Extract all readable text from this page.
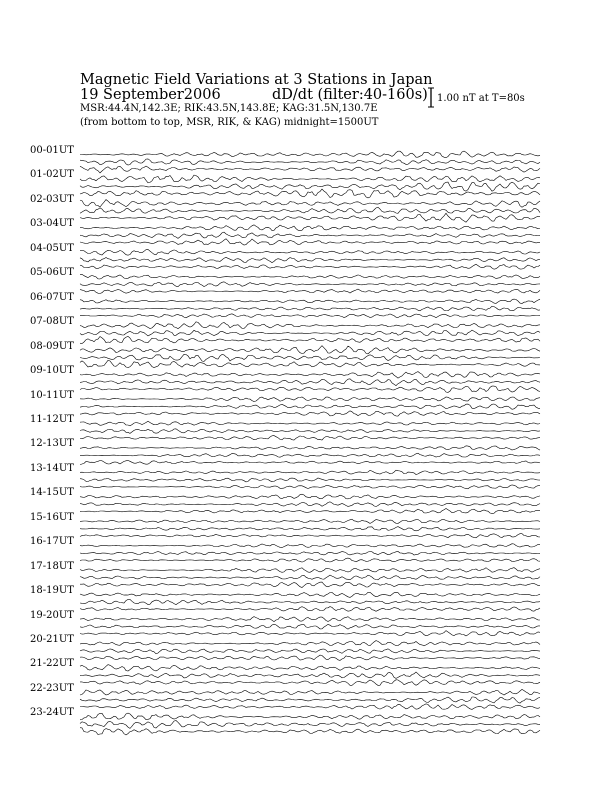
Magnetic Field Variations at 3 Stations in Japan
19 September2006	dD/dt (filter:40-160s)
MSR:44.4N,142.3E; RIK:43.5N,143.8E; KAG:31.5N,130.7E
(from bottom to top, MSR, RIK, & KAG) midnight=1500UT
1.00 nT at T=80s
00-01UT
01-02UT
02-03UT
03-04UT
04-05UT
05-06UT
06-07UT
07-08UT
08-09UT
09-10UT
10-11UT
11-12UT
12-13UT
13-14UT
14-15UT
15-16UT
16-17UT
17-18UT
18-19UT
19-20UT
20-21UT
21-22UT
22-23UT
23-24UT
